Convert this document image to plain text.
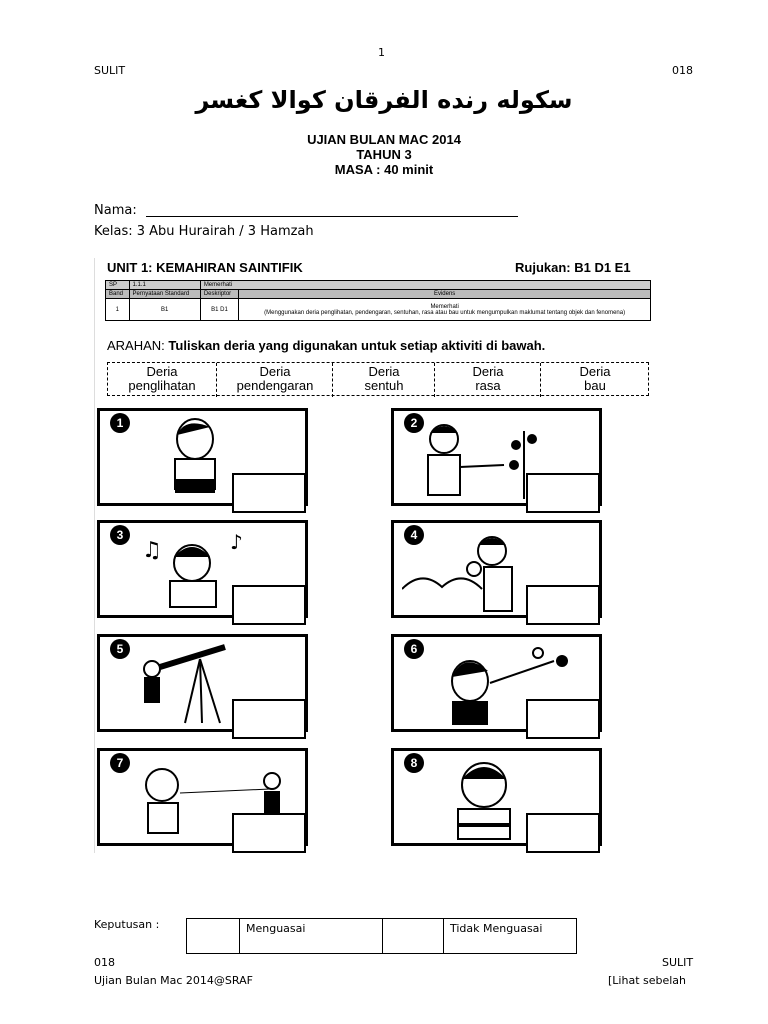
1
SULIT	018
سكوله رنده الفرقان كوالا كغسر
UJIAN BULAN MAC 2014
TAHUN 3
MASA : 40 minit
Nama:
Kelas: 3 Abu Hurairah / 3 Hamzah
UNIT 1: KEMAHIRAN SAINTIFIK	Rujukan: B1 D1 E1
SP	1.1.1	Memerhati	
Band	Pernyataan Standard	Deskriptor	Evidens
1	B1	B1 D1	Memerhati
(Menggunakan deria penglihatan, pendengaran, sentuhan, rasa atau bau untuk mengumpulkan maklumat tentang objek dan fenomena)
ARAHAN: Tuliskan deria yang digunakan untuk setiap aktiviti di bawah.
Deria
penglihatan
Deria
pendengaran
Deria
sentuh
Deria
rasa
Deria
bau
1
3
♫	♪
5
7
2
4
6
8
Keputusan :
		Menguasai		Tidak Menguasai
018	SULIT
Ujian Bulan Mac 2014@SRAF	[Lihat sebelah
